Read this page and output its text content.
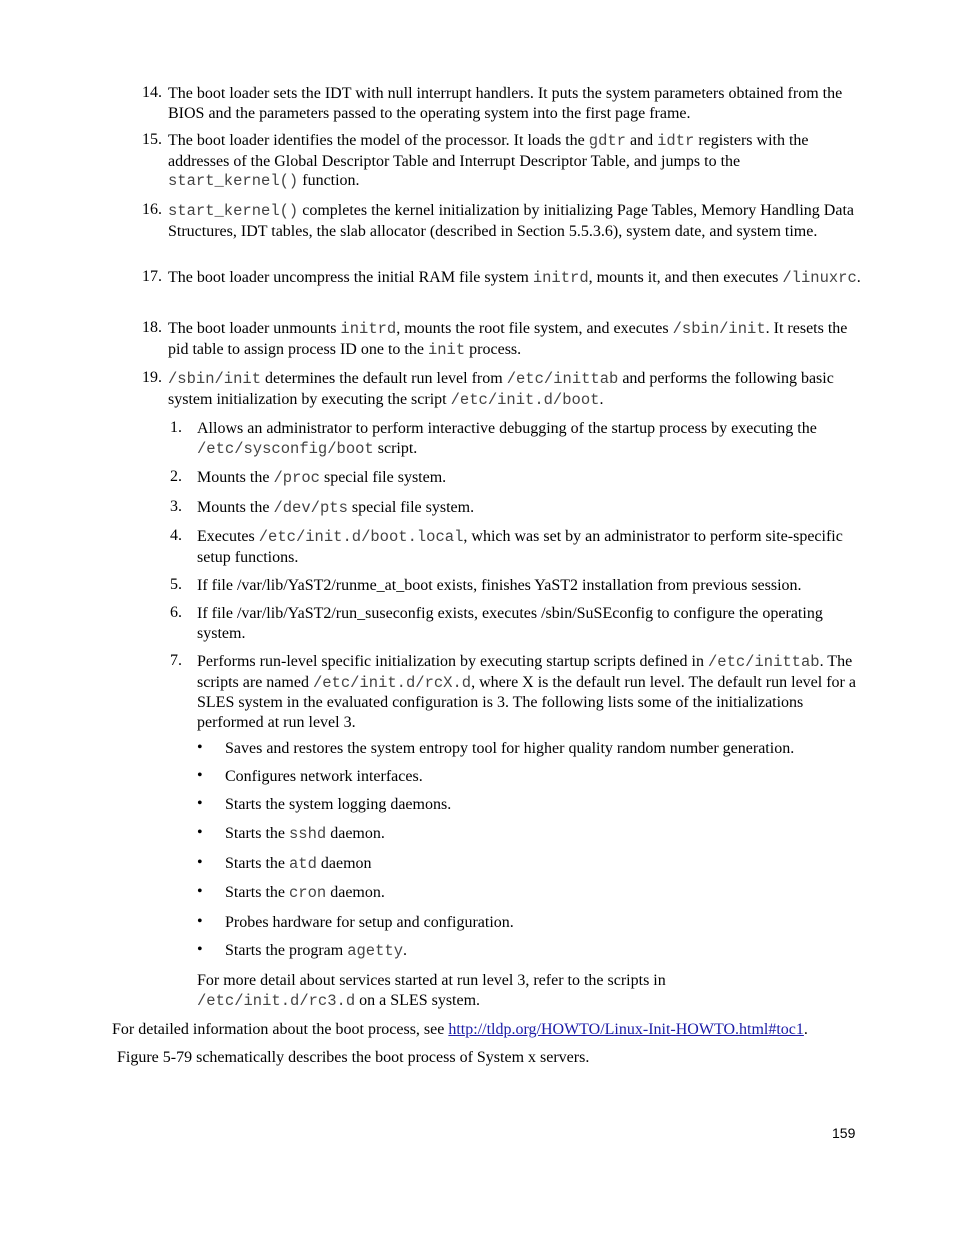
14. The boot loader sets the IDT with null interrupt handlers. It puts the system parameters obtained from the BIOS and the parameters passed to the operating system into the first page frame.

15. The boot loader identifies the model of the processor. It loads the gdtr and idtr registers with the addresses of the Global Descriptor Table and Interrupt Descriptor Table, and jumps to the start_kernel() function.

16. start_kernel() completes the kernel initialization by initializing Page Tables, Memory Handling Data Structures, IDT tables, the slab allocator (described in Section 5.5.3.6), system date, and system time.

17. The boot loader uncompress the initial RAM file system initrd, mounts it, and then executes /linuxrc.

18. The boot loader unmounts initrd, mounts the root file system, and executes /sbin/init. It resets the pid table to assign process ID one to the init process.

19. /sbin/init determines the default run level from /etc/inittab and performs the following basic system initialization by executing the script /etc/init.d/boot.

1. Allows an administrator to perform interactive debugging of the startup process by executing the /etc/sysconfig/boot script.

2. Mounts the /proc special file system.

3. Mounts the /dev/pts special file system.

4. Executes /etc/init.d/boot.local, which was set by an administrator to perform site-specific setup functions.

5. If file /var/lib/YaST2/runme_at_boot exists, finishes YaST2 installation from previous session.

6. If file /var/lib/YaST2/run_suseconfig exists, executes /sbin/SuSEconfig to configure the operating system.

7. Performs run-level specific initialization by executing startup scripts defined in /etc/inittab. The scripts are named /etc/init.d/rcX.d, where X is the default run level. The default run level for a SLES system in the evaluated configuration is 3. The following lists some of the initializations performed at run level 3.

• Saves and restores the system entropy tool for higher quality random number generation.

• Configures network interfaces.

• Starts the system logging daemons.

• Starts the sshd daemon.

• Starts the atd daemon

• Starts the cron daemon.

• Probes hardware for setup and configuration.

• Starts the program agetty.

For more detail about services started at run level 3, refer to the scripts in /etc/init.d/rc3.d on a SLES system.

For detailed information about the boot process, see http://tldp.org/HOWTO/Linux-Init-HOWTO.html#toc1.

Figure 5-79 schematically describes the boot process of System x servers.

159
